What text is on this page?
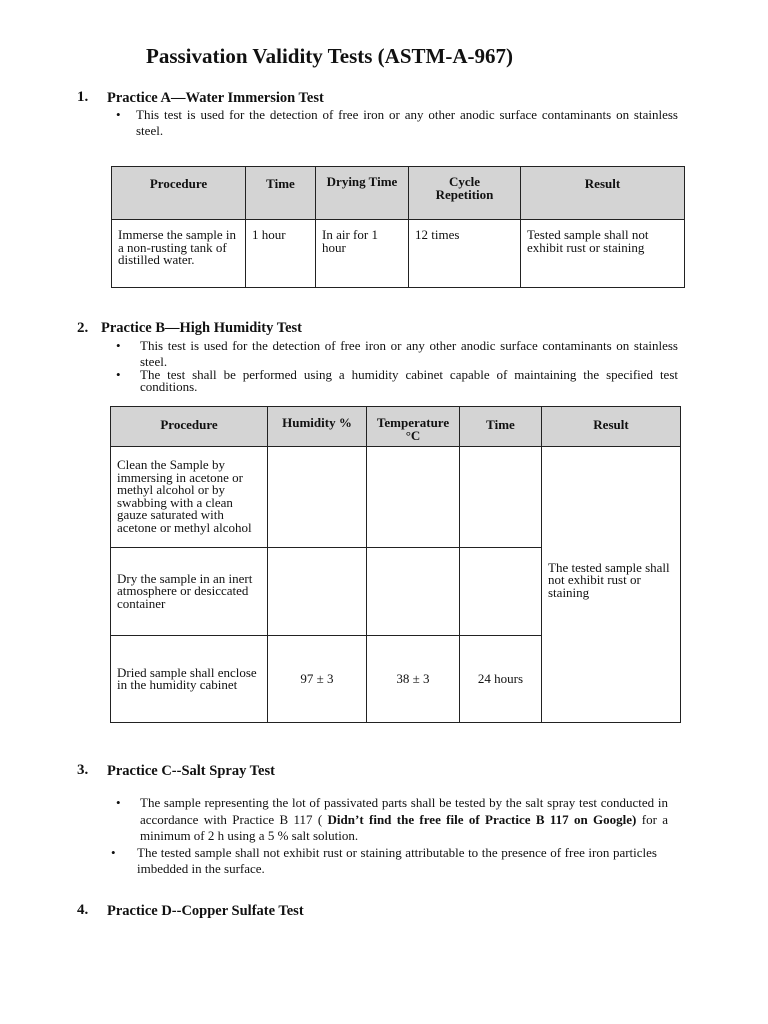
Passivation Validity Tests (ASTM-A-967)
1. Practice A—Water Immersion Test
•	This test is used for the detection of free iron or any other anodic surface contaminants on stainless steel.
Procedure	Time	Drying Time	Cycle Repetition	Result

Immerse the sample in a non-rusting tank of distilled water.	1 hour	In air for 1 hour	12 times	Tested sample shall not exhibit rust or staining
2. Practice B—High Humidity Test
•	This test is used for the detection of free iron or any other anodic surface contaminants on stainless steel.
•	The test shall be performed using a humidity cabinet capable of maintaining the specified test conditions.
Procedure	Humidity %	Temperature °C	Time	Result

Clean the Sample by immersing in acetone or methyl alcohol or by swabbing with a clean gauze saturated with acetone or methyl alcohol				The tested sample shall not exhibit rust or staining

Dry the sample in an inert atmosphere or desiccated container				

Dried sample shall enclose in the humidity cabinet	97 ± 3	38 ± 3	24 hours	
3. Practice C--Salt Spray Test
•	The sample representing the lot of passivated parts shall be tested by the salt spray test conducted in accordance with Practice B 117 ( Didn’t find the free file of Practice B 117 on Google) for a minimum of 2 h using a 5 % salt solution.
•	The tested sample shall not exhibit rust or staining attributable to the presence of free iron particles imbedded in the surface.
4. Practice D--Copper Sulfate Test
